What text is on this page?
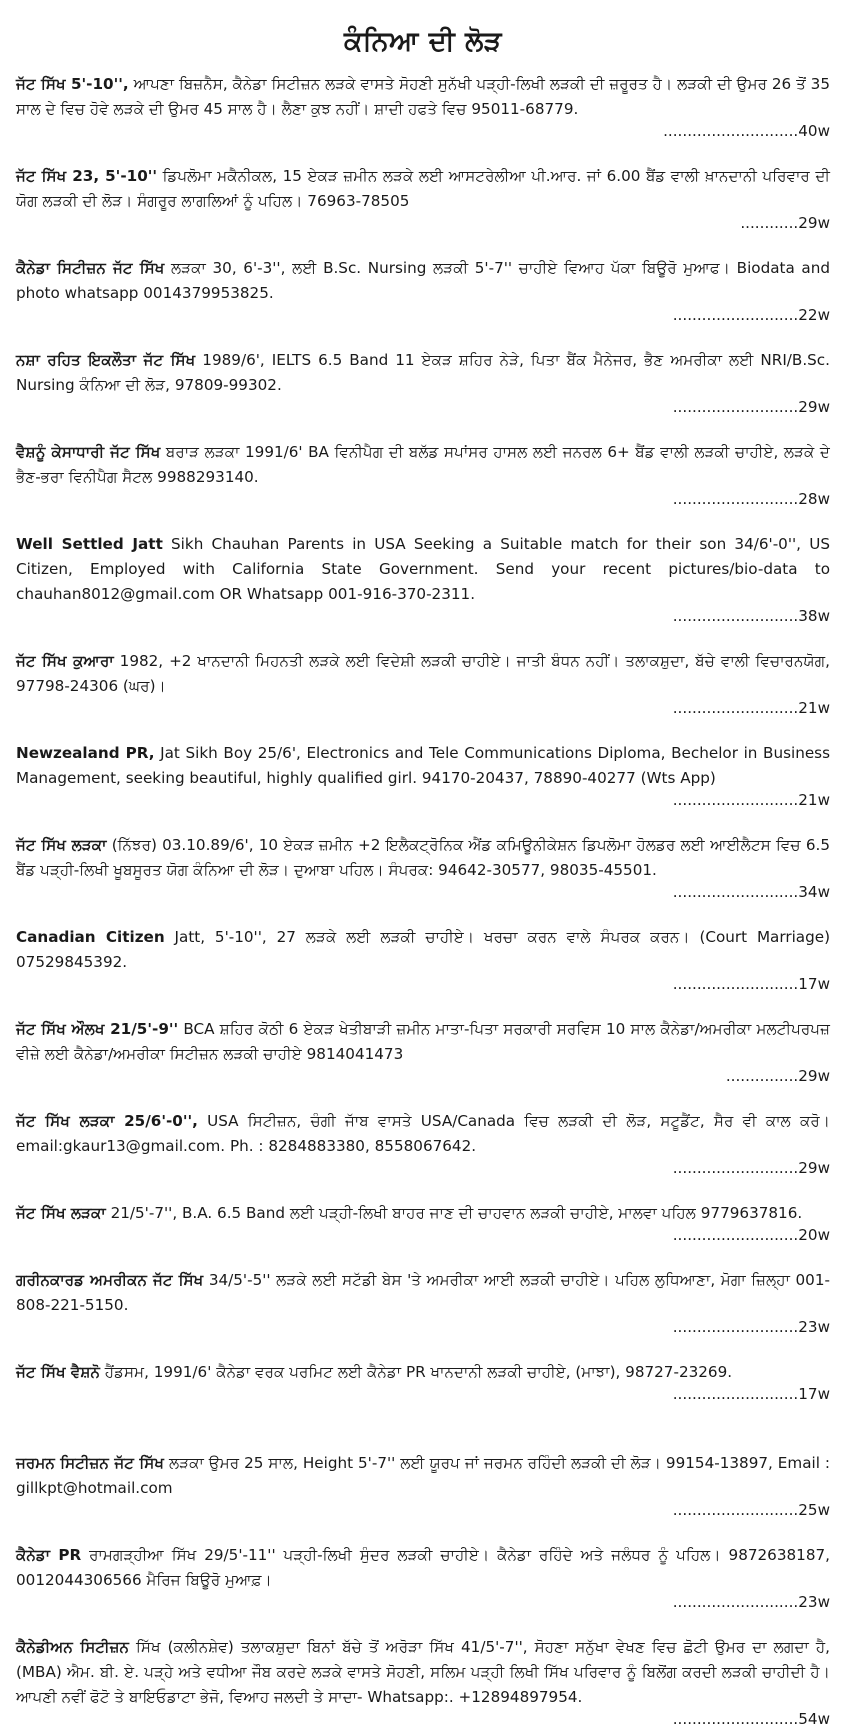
ਕੰਨਿਆ ਦੀ ਲੋੜ

ਜੱਟ ਸਿੱਖ 5'-10'', ਆਪਣਾ ਬਿਜ਼ਨੈਸ, ਕੈਨੇਡਾ ਸਿਟੀਜ਼ਨ ਲੜਕੇ ਵਾਸਤੇ ਸੋਹਣੀ ਸੁਨੱਖੀ ਪੜ੍ਹੀ-ਲਿਖੀ ਲੜਕੀ ਦੀ ਜ਼ਰੂਰਤ ਹੈ। ਲੜਕੀ ਦੀ ਉਮਰ 26 ਤੋਂ 35 ਸਾਲ ਦੇ ਵਿਚ ਹੋਵੇ ਲੜਕੇ ਦੀ ਉਮਰ 45 ਸਾਲ ਹੈ। ਲੈਣਾ ਕੁਝ ਨਹੀਂ। ਸ਼ਾਦੀ ਹਫਤੇ ਵਿਚ 95011-68779.
............................40w

ਜੱਟ ਸਿੱਖ 23, 5'-10'' ਡਿਪਲੋਮਾ ਮਕੈਨੀਕਲ, 15 ਏਕੜ ਜ਼ਮੀਨ ਲੜਕੇ ਲਈ ਆਸਟਰੇਲੀਆ ਪੀ.ਆਰ. ਜਾਂ 6.00 ਬੈਂਡ ਵਾਲੀ ਖ਼ਾਨਦਾਨੀ ਪਰਿਵਾਰ ਦੀ ਯੋਗ ਲੜਕੀ ਦੀ ਲੋੜ। ਸੰਗਰੂਰ ਲਾਗਲਿਆਂ ਨੂੰ ਪਹਿਲ। 76963-78505
............29w

ਕੈਨੇਡਾ ਸਿਟੀਜ਼ਨ ਜੱਟ ਸਿੱਖ ਲੜਕਾ 30, 6'-3'', ਲਈ B.Sc. Nursing ਲੜਕੀ 5'-7'' ਚਾਹੀਏ ਵਿਆਹ ਪੱਕਾ ਬਿਊਰੋ ਮੁਆਫ। Biodata and photo whatsapp 0014379953825.
..........................22w

ਨਸ਼ਾ ਰਹਿਤ ਇਕਲੌਤਾ ਜੱਟ ਸਿੱਖ 1989/6', IELTS 6.5 Band 11 ਏਕੜ ਸ਼ਹਿਰ ਨੇੜੇ, ਪਿਤਾ ਬੈਂਕ ਮੈਨੇਜਰ, ਭੈਣ ਅਮਰੀਕਾ ਲਈ NRI/B.Sc. Nursing ਕੰਨਿਆ ਦੀ ਲੋੜ, 97809-99302.
..........................29w

ਵੈਸ਼ਨੂੰ ਕੇਸਾਧਾਰੀ ਜੱਟ ਸਿੱਖ ਬਰਾੜ ਲੜਕਾ 1991/6' BA ਵਿਨੀਪੈਗ ਦੀ ਬਲੱਡ ਸਪਾਂਸਰ ਹਾਸਲ ਲਈ ਜਨਰਲ 6+ ਬੈਂਡ ਵਾਲੀ ਲੜਕੀ ਚਾਹੀਏ, ਲੜਕੇ ਦੇ ਭੈਣ-ਭਰਾ ਵਿਨੀਪੈਗ ਸੈਟਲ 9988293140.
..........................28w

Well Settled Jatt Sikh Chauhan Parents in USA Seeking a Suitable match for their son 34/6'-0'', US Citizen, Employed with California State Government. Send your recent pictures/bio-data to chauhan8012@gmail.com OR Whatsapp 001-916-370-2311.
..........................38w

ਜੱਟ ਸਿੱਖ ਕੁਆਰਾ 1982, +2 ਖਾਨਦਾਨੀ ਮਿਹਨਤੀ ਲੜਕੇ ਲਈ ਵਿਦੇਸ਼ੀ ਲੜਕੀ ਚਾਹੀਏ। ਜਾਤੀ ਬੰਧਨ ਨਹੀਂ। ਤਲਾਕਸ਼ੁਦਾ, ਬੱਚੇ ਵਾਲੀ ਵਿਚਾਰਨਯੋਗ, 97798-24306 (ਘਰ)।
..........................21w

Newzealand PR, Jat Sikh Boy 25/6', Electronics and Tele Communications Diploma, Bechelor in Business Management, seeking beautiful, highly qualified girl. 94170-20437, 78890-40277 (Wts App)
..........................21w

ਜੱਟ ਸਿੱਖ ਲੜਕਾ (ਨਿੱਝਰ) 03.10.89/6', 10 ਏਕੜ ਜ਼ਮੀਨ +2 ਇਲੈਕਟ੍ਰੋਨਿਕ ਐਂਡ ਕਮਿਊਨੀਕੇਸ਼ਨ ਡਿਪਲੋਮਾ ਹੋਲਡਰ ਲਈ ਆਈਲੈਟਸ ਵਿਚ 6.5 ਬੈਂਡ ਪੜ੍ਹੀ-ਲਿਖੀ ਖੂਬਸੂਰਤ ਯੋਗ ਕੰਨਿਆ ਦੀ ਲੋੜ। ਦੁਆਬਾ ਪਹਿਲ। ਸੰਪਰਕ: 94642-30577, 98035-45501.
..........................34w

Canadian Citizen Jatt, 5'-10'', 27 ਲੜਕੇ ਲਈ ਲੜਕੀ ਚਾਹੀਏ। ਖਰਚਾ ਕਰਨ ਵਾਲੇ ਸੰਪਰਕ ਕਰਨ। (Court Marriage) 07529845392.
..........................17w

ਜੱਟ ਸਿੱਖ ਔਲਖ 21/5'-9'' BCA ਸ਼ਹਿਰ ਕੋਠੀ 6 ਏਕੜ ਖੇਤੀਬਾੜੀ ਜ਼ਮੀਨ ਮਾਤਾ-ਪਿਤਾ ਸਰਕਾਰੀ ਸਰਵਿਸ 10 ਸਾਲ ਕੈਨੇਡਾ/ਅਮਰੀਕਾ ਮਲਟੀਪਰਪਜ਼ ਵੀਜ਼ੇ ਲਈ ਕੈਨੇਡਾ/ਅਮਰੀਕਾ ਸਿਟੀਜ਼ਨ ਲੜਕੀ ਚਾਹੀਏ 9814041473
...............29w

ਜੱਟ ਸਿੱਖ ਲੜਕਾ 25/6'-0'', USA ਸਿਟੀਜ਼ਨ, ਚੰਗੀ ਜਾੱਬ ਵਾਸਤੇ USA/Canada ਵਿਚ ਲੜਕੀ ਦੀ ਲੋੜ, ਸਟੂਡੈਂਟ, ਸੈਰ ਵੀ ਕਾਲ ਕਰੋ। email:gkaur13@gmail.com. Ph. : 8284883380, 8558067642.
..........................29w

ਜੱਟ ਸਿੱਖ ਲੜਕਾ 21/5'-7'', B.A. 6.5 Band ਲਈ ਪੜ੍ਹੀ-ਲਿਖੀ ਬਾਹਰ ਜਾਣ ਦੀ ਚਾਹਵਾਨ ਲੜਕੀ ਚਾਹੀਏ, ਮਾਲਵਾ ਪਹਿਲ 9779637816.
..........................20w

ਗਰੀਨਕਾਰਡ ਅਮਰੀਕਨ ਜੱਟ ਸਿੱਖ 34/5'-5'' ਲੜਕੇ ਲਈ ਸਟੱਡੀ ਬੇਸ 'ਤੇ ਅਮਰੀਕਾ ਆਈ ਲੜਕੀ ਚਾਹੀਏ। ਪਹਿਲ ਲੁਧਿਆਣਾ, ਮੋਗਾ ਜ਼ਿਲ੍ਹਾ 001-808-221-5150.
..........................23w

ਜੱਟ ਸਿੱਖ ਵੈਸ਼ਨੋ ਹੈਂਡਸਮ, 1991/6' ਕੈਨੇਡਾ ਵਰਕ ਪਰਮਿਟ ਲਈ ਕੈਨੇਡਾ PR ਖਾਨਦਾਨੀ ਲੜਕੀ ਚਾਹੀਏ, (ਮਾਝਾ), 98727-23269.
..........................17w

ਜਰਮਨ ਸਿਟੀਜ਼ਨ ਜੱਟ ਸਿੱਖ ਲੜਕਾ ਉਮਰ 25 ਸਾਲ, Height 5'-7'' ਲਈ ਯੂਰਪ ਜਾਂ ਜਰਮਨ ਰਹਿੰਦੀ ਲੜਕੀ ਦੀ ਲੋੜ। 99154-13897, Email : gillkpt@hotmail.com
..........................25w

ਕੈਨੇਡਾ PR ਰਾਮਗੜ੍ਹੀਆ ਸਿੱਖ 29/5'-11'' ਪੜ੍ਹੀ-ਲਿਖੀ ਸੁੰਦਰ ਲੜਕੀ ਚਾਹੀਏ। ਕੈਨੇਡਾ ਰਹਿੰਦੇ ਅਤੇ ਜਲੰਧਰ ਨੂੰ ਪਹਿਲ। 9872638187, 0012044306566 ਮੈਰਿਜ ਬਿਊਰੋ ਮੁਆਫ਼।
..........................23w

ਕੈਨੇਡੀਅਨ ਸਿਟੀਜ਼ਨ ਸਿੱਖ (ਕਲੀਨਸ਼ੇਵ) ਤਲਾਕਸ਼ੁਦਾ ਬਿਨਾਂ ਬੱਚੇ ਤੋਂ ਅਰੋੜਾ ਸਿੱਖ 41/5'-7'', ਸੋਹਣਾ ਸਨੁੱਖਾ ਵੇਖਣ ਵਿਚ ਛੋਟੀ ਉਮਰ ਦਾ ਲਗਦਾ ਹੈ, (MBA) ਐਮ. ਬੀ. ਏ. ਪੜ੍ਹੇ ਅਤੇ ਵਧੀਆ ਜੌਬ ਕਰਦੇ ਲੜਕੇ ਵਾਸਤੇ ਸੋਹਣੀ, ਸਲਿਮ ਪੜ੍ਹੀ ਲਿਖੀ ਸਿੱਖ ਪਰਿਵਾਰ ਨੂੰ ਬਿਲੋਂਗ ਕਰਦੀ ਲੜਕੀ ਚਾਹੀਦੀ ਹੈ। ਆਪਣੀ ਨਵੀਂ ਫੋਟੋ ਤੇ ਬਾਇਓਡਾਟਾ ਭੇਜੋ, ਵਿਆਹ ਜਲਦੀ ਤੇ ਸਾਦਾ- Whatsapp:. +12894897954.
..........................54w
